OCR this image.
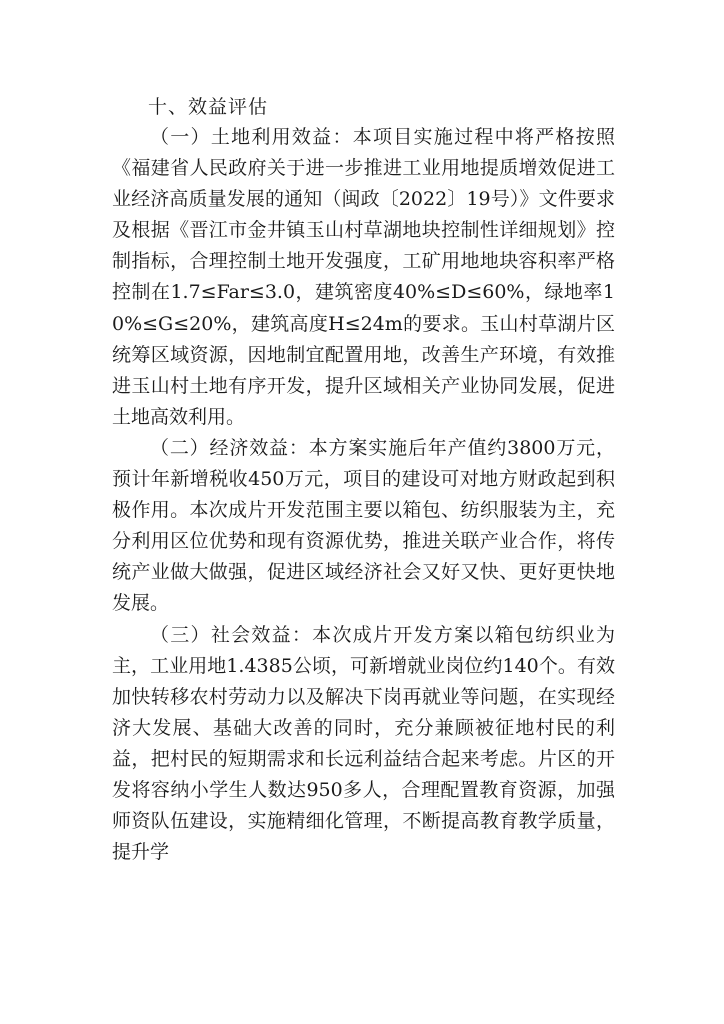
十、效益评估

（一）土地利用效益：本项目实施过程中将严格按照《福建省人民政府关于进一步推进工业用地提质增效促进工业经济高质量发展的通知（闽政〔2022〕19号）》文件要求及根据《晋江市金井镇玉山村草湖地块控制性详细规划》控制指标，合理控制土地开发强度，工矿用地地块容积率严格控制在1.7≤Far≤3.0，建筑密度40%≤D≤60%，绿地率10%≤G≤20%，建筑高度H≤24m的要求。玉山村草湖片区统筹区域资源，因地制宜配置用地，改善生产环境，有效推进玉山村土地有序开发，提升区域相关产业协同发展，促进土地高效利用。

（二）经济效益：本方案实施后年产值约3800万元，预计年新增税收450万元，项目的建设可对地方财政起到积极作用。本次成片开发范围主要以箱包、纺织服装为主，充分利用区位优势和现有资源优势，推进关联产业合作，将传统产业做大做强，促进区域经济社会又好又快、更好更快地发展。

（三）社会效益：本次成片开发方案以箱包纺织业为主，工业用地1.4385公顷，可新增就业岗位约140个。有效加快转移农村劳动力以及解决下岗再就业等问题，在实现经济大发展、基础大改善的同时，充分兼顾被征地村民的利益，把村民的短期需求和长远利益结合起来考虑。片区的开发将容纳小学生人数达950多人，合理配置教育资源，加强师资队伍建设，实施精细化管理，不断提高教育教学质量，提升学
